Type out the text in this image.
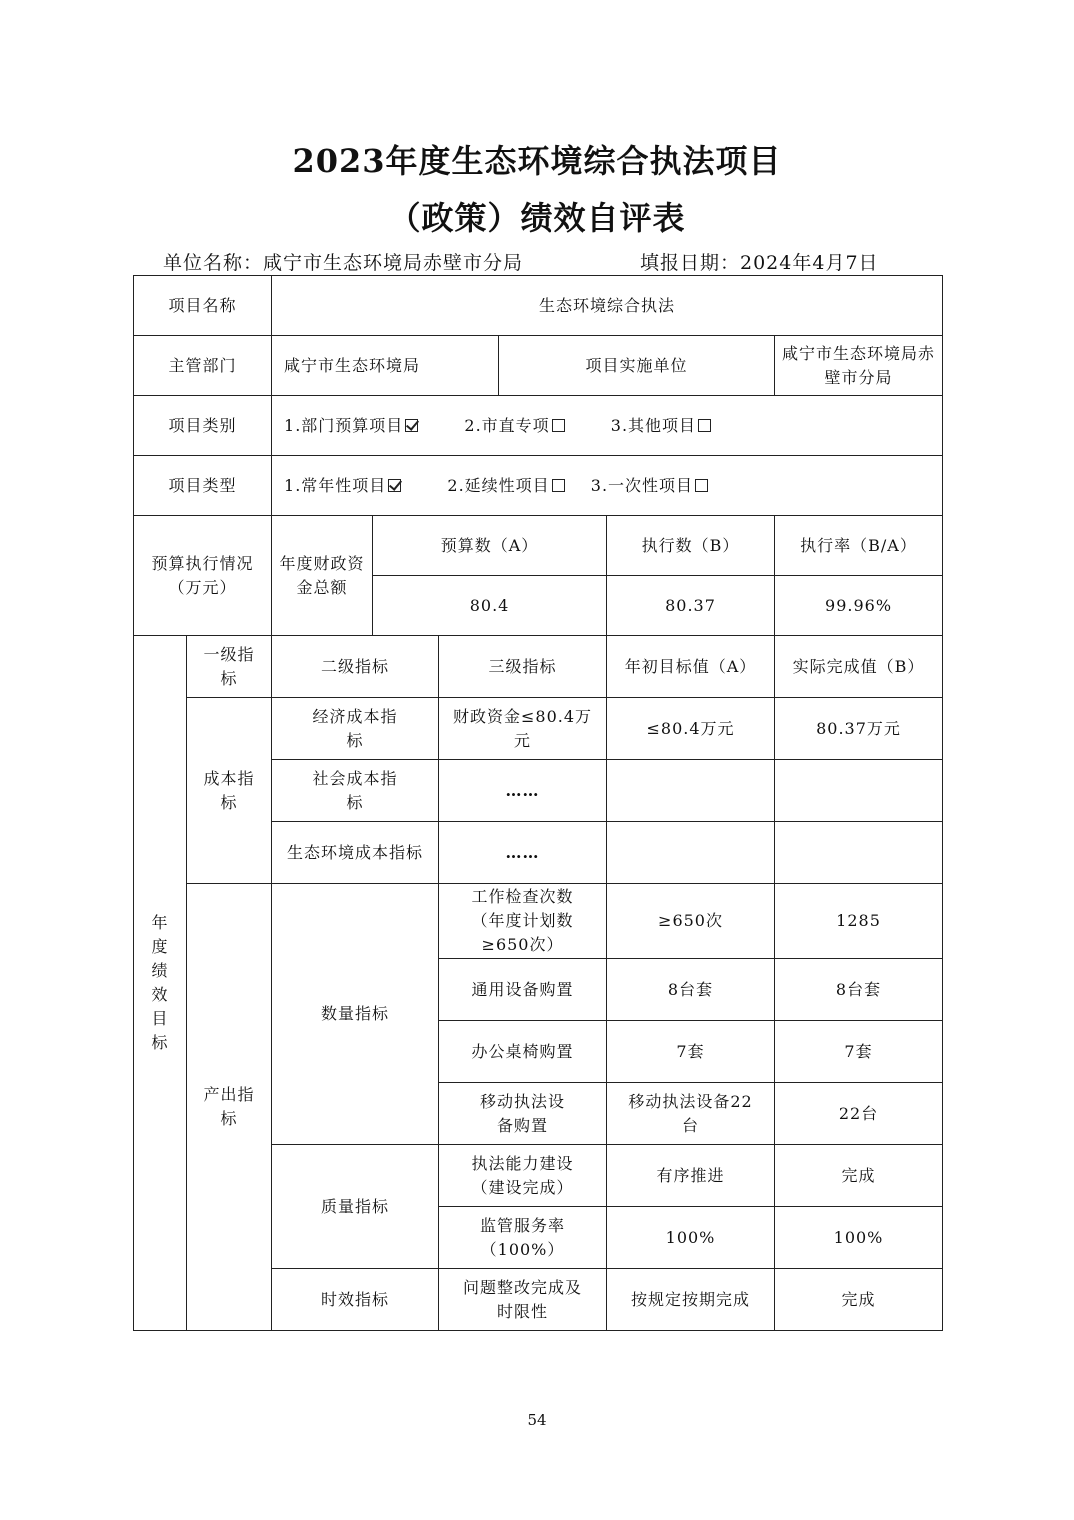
2023年度生态环境综合执法项目
（政策）绩效自评表
单位名称：咸宁市生态环境局赤壁市分局	填报日期：2024年4月7日
项目名称		生态环境综合执法					
主管部门		咸宁市生态环境局			项目实施单位		咸宁市生态环境局赤壁市分局
项目类别		1.部门预算项目 2.市直专项 3.其他项目					
项目类型		1.常年性项目 2.延续性项目 3.一次性项目					
预算执行情况（万元）		年度财政资金总额	预算数（A）			执行数（B）	执行率（B/A）
			80.4			80.37	99.96%
年度绩效目标	一级指标	二级指标		三级指标		年初目标值（A）	实际完成值（B）
	成本指标	经济成本指标		财政资金≤80.4万元		≤80.4万元	80.37万元
		社会成本指标		……			
		生态环境成本指标		……			
	产出指标	数量指标		工作检查次数（年度计划数≥650次）		≥650次	1285
				通用设备购置		8台套	8台套
				办公桌椅购置		7套	7套
				移动执法设备购置		移动执法设备22台	22台
		质量指标		执法能力建设（建设完成）		有序推进	完成
				监管服务率（100%）		100%	100%
		时效指标		问题整改完成及时限性		按规定按期完成	完成
54
